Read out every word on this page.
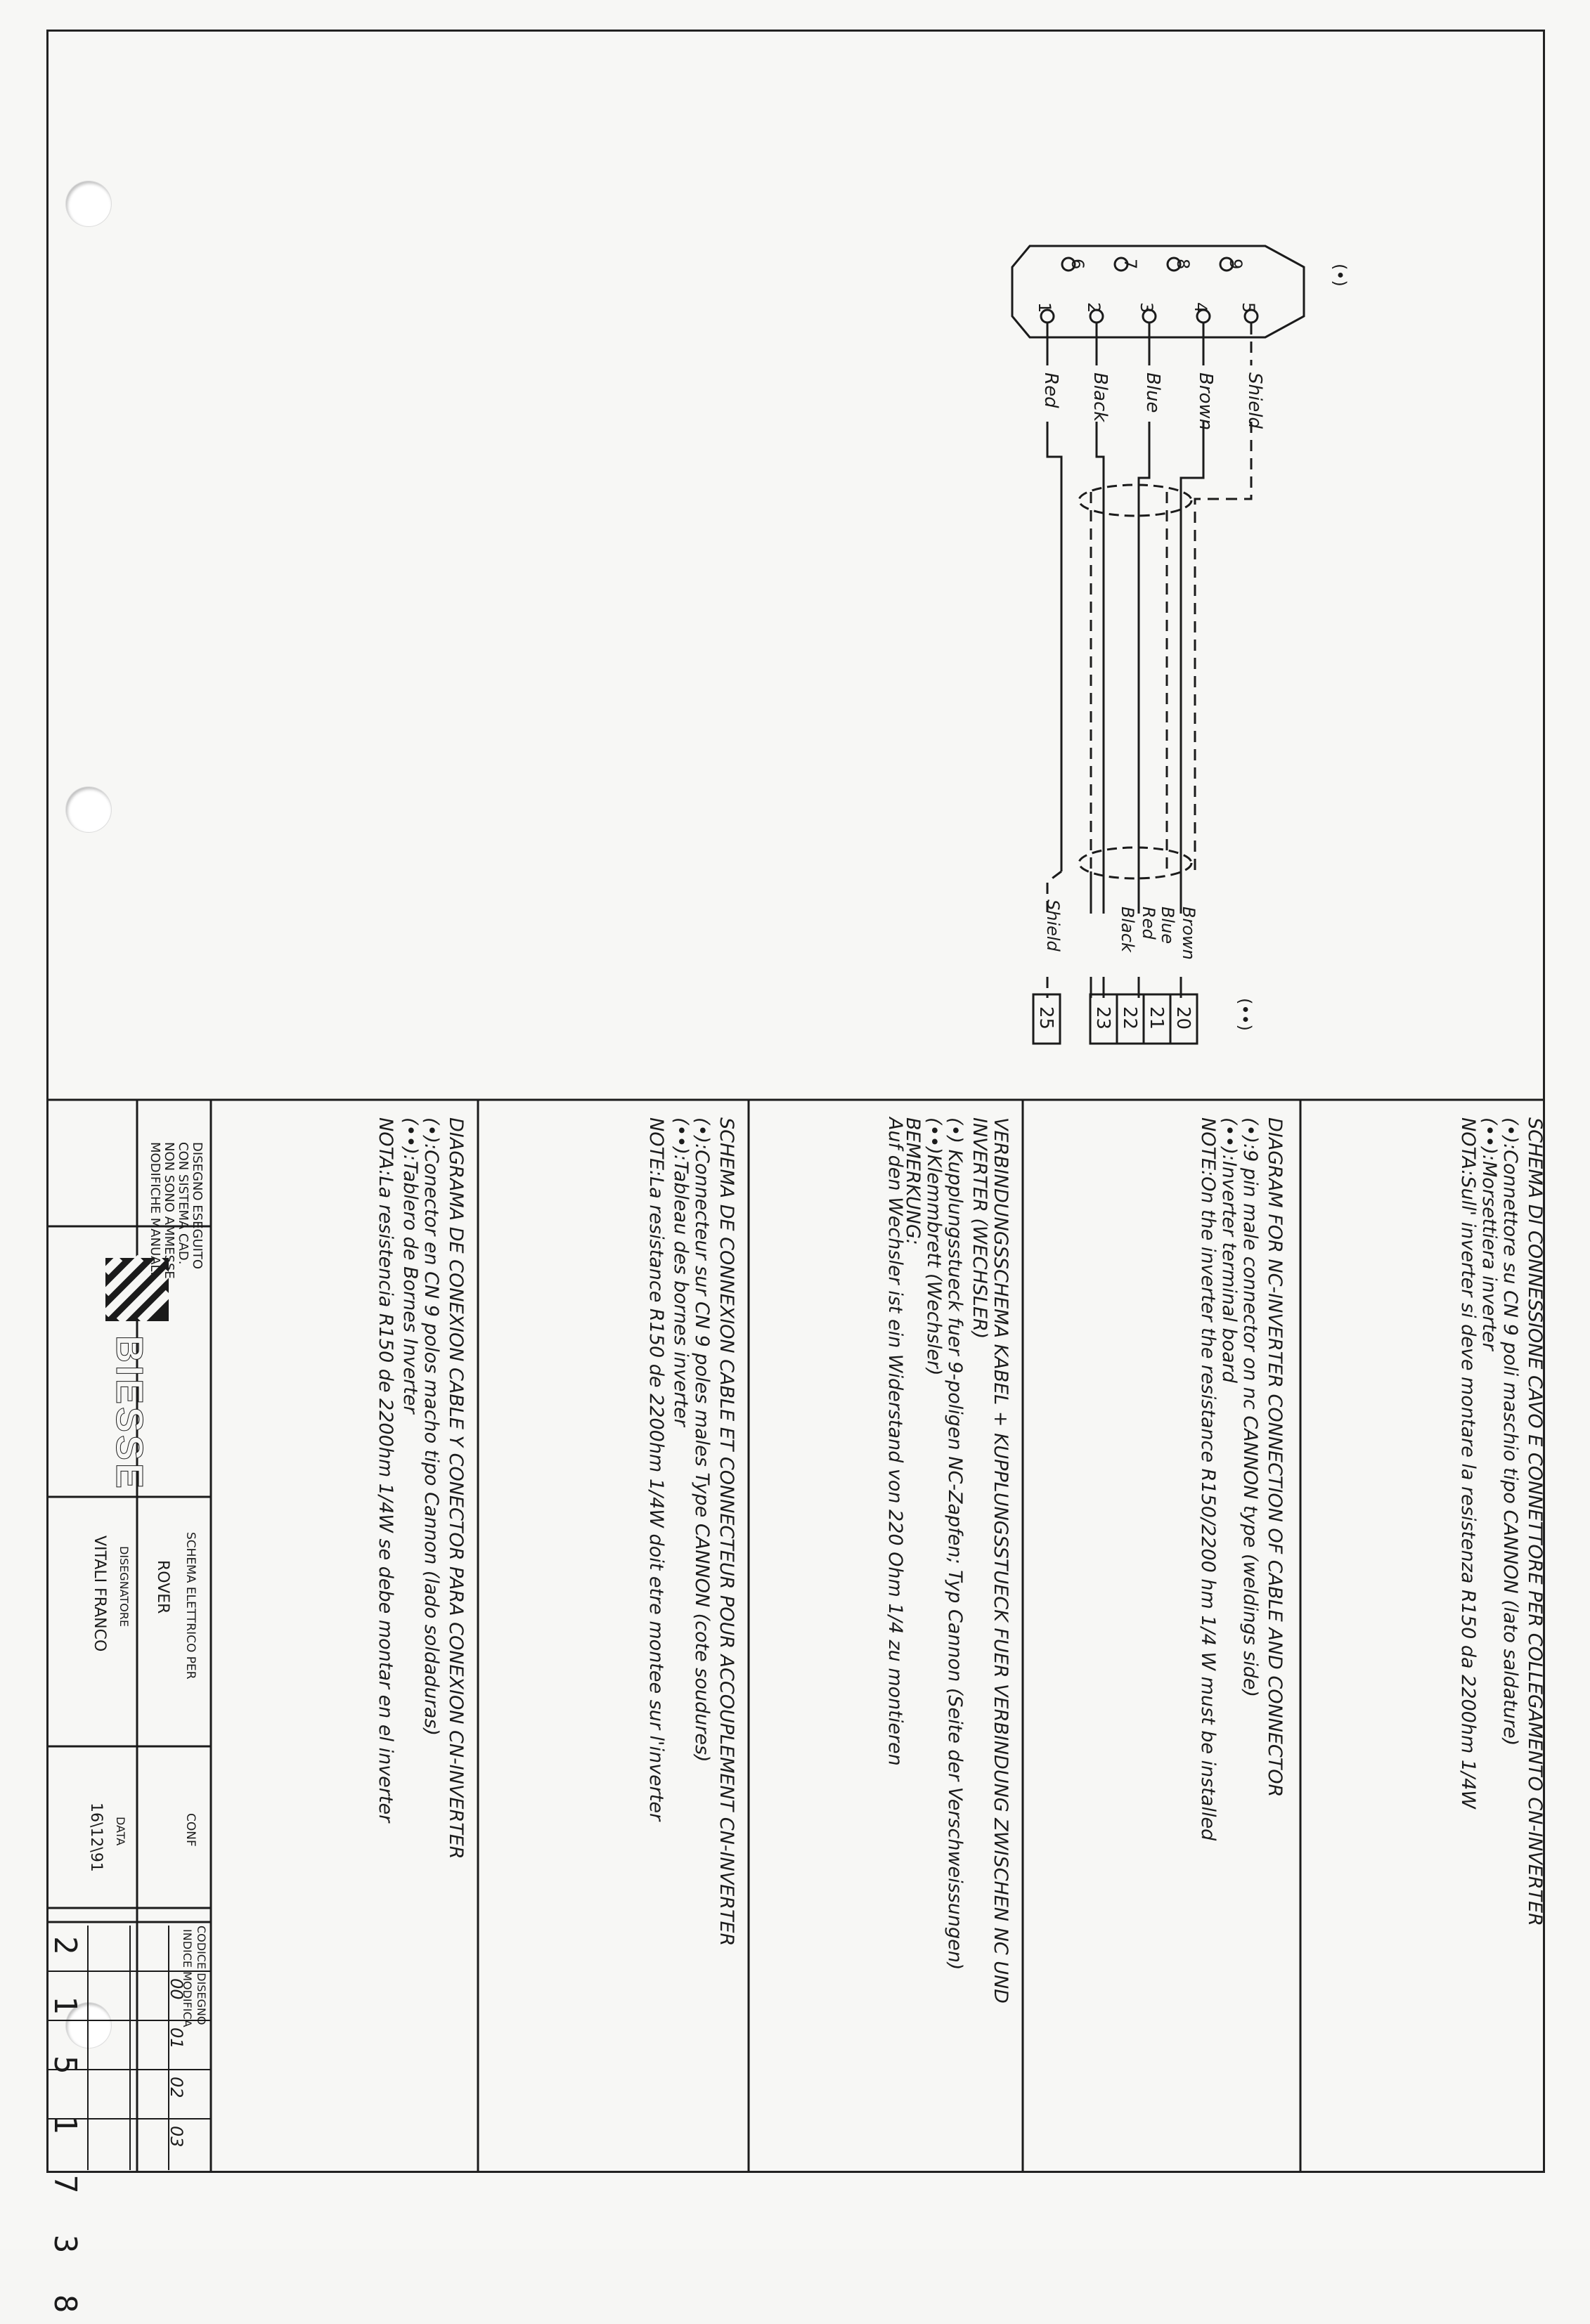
(•)
(••)
9
8
7
6
5
4
3
2
1
Shield
Brown
Blue
Black
Red
Brown
Blue
Red
Black
Shield
20
21
22
23
25
SCHEMA DI CONNESSIONE CAVO E CONNETTORE PER COLLEGAMENTO CN-INVERTER
(•):Connettore su CN 9 poli maschio tipo CANNON (lato saldature)
(••):Morsettiera inverter
NOTA:Sull' inverter si deve montare la resistenza R150 da 2200hm 1/4W
DIAGRAM FOR NC-INVERTER CONNECTION OF CABLE AND CONNECTOR
(•):9 pin male connector on nc CANNON type (weldings side)
(••):Inverter terminal board
NOTE:On the inverter the resistance R150/2200 hm 1/4 W must be installed
VERBINDUNGSSCHEMA KABEL + KUPPLUNGSSTUECK FUER VERBINDUNG ZWISCHEN NC UND
INVERTER (WECHSLER)
(•) Kupplungsstueck fuer 9-poligen NC-Zapfen; Typ Cannon (Seite der Verschweissungen)
(••)Klemmbrett (Wechsler)
BEMERKUNG:
Auf den Wechsler ist ein Widerstand von 220 Ohm 1/4 zu montieren
SCHEMA DE CONNEXION CABLE ET CONNECTEUR POUR ACCOUPLEMENT CN-INVERTER
(•):Connecteur sur CN 9 poles males Type CANNON (cote soudures)
(••):Tableau des bornes inverter
NOTE:La resistance R150 de 2200hm 1/4W doit etre montee sur l'inverter
DIAGRAMA DE CONEXION CABLE Y CONECTOR PARA CONEXION CN-INVERTER
(•):Conector en CN 9 polos macho tipo Cannon (lado soldaduras)
(••):Tablero de Bornes Inverter
NOTA:La resistencia R150 de 2200hm 1/4W se debe montar en el inverter
DISEGNO ESEGUITO
CON SISTEMA CAD.
NON SONO AMMESSE
MODIFICHE MANUALI
BIESSE
SCHEMA ELETTRICO PER
ROVER
DISEGNATORE
VITALI FRANCO
CONF
DATA
16\12\91
CODICE DISEGNO
INDICE MODIFICA
00
01
02
03
2 1 5 1 7 3 8
